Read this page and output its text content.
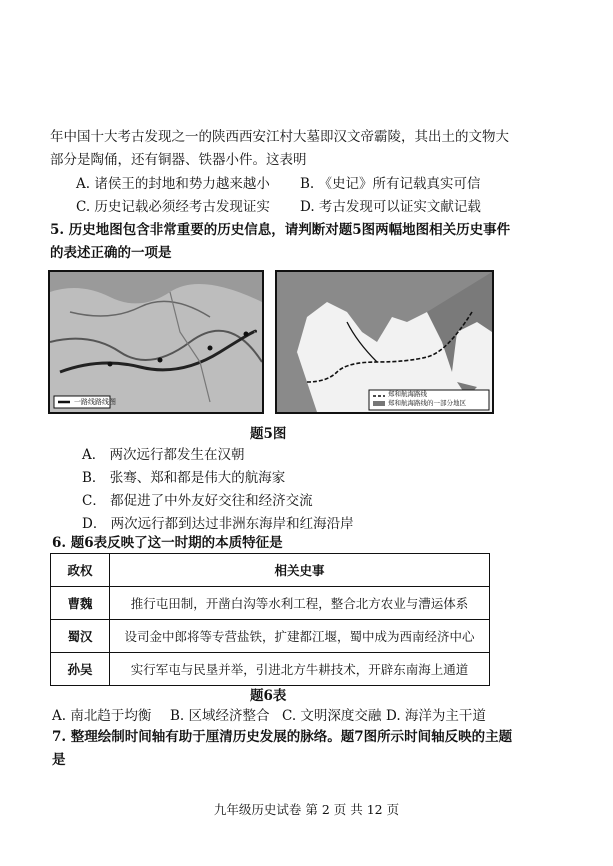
年中国十大考古发现之一的陕西西安江村大墓即汉文帝霸陵，其出土的文物大
部分是陶俑，还有铜器、铁器小件。这表明
A. 诸侯王的封地和势力越来越小 B. 《史记》所有记载真实可信
C. 历史记载必须经考古发现证实 D. 考古发现可以证实文献记载
5. 历史地图包含非常重要的历史信息，请判断对题5图两幅地图相关历史事件
的表述正确的一项是
一路线路线图
郑和航海路线
郑和航海路线的一部分地区
题5图
A． 两次远行都发生在汉朝
B． 张骞、郑和都是伟大的航海家
C． 都促进了中外友好交往和经济交流
D． 两次远行都到达过非洲东海岸和红海沿岸
6. 题6表反映了这一时期的本质特征是
政权	相关史事
曹魏	推行屯田制，开凿白沟等水利工程，整合北方农业与漕运体系
蜀汉	设司金中郎将等专营盐铁，扩建都江堰，蜀中成为西南经济中心
孙吴	实行军屯与民垦并举，引进北方牛耕技术，开辟东南海上通道
题6表
A. 南北趋于均衡 B. 区域经济整合 C. 文明深度交融 D. 海洋为主干道
7. 整理绘制时间轴有助于厘清历史发展的脉络。题7图所示时间轴反映的主题
是
九年级历史试卷 第 2 页 共 12 页
